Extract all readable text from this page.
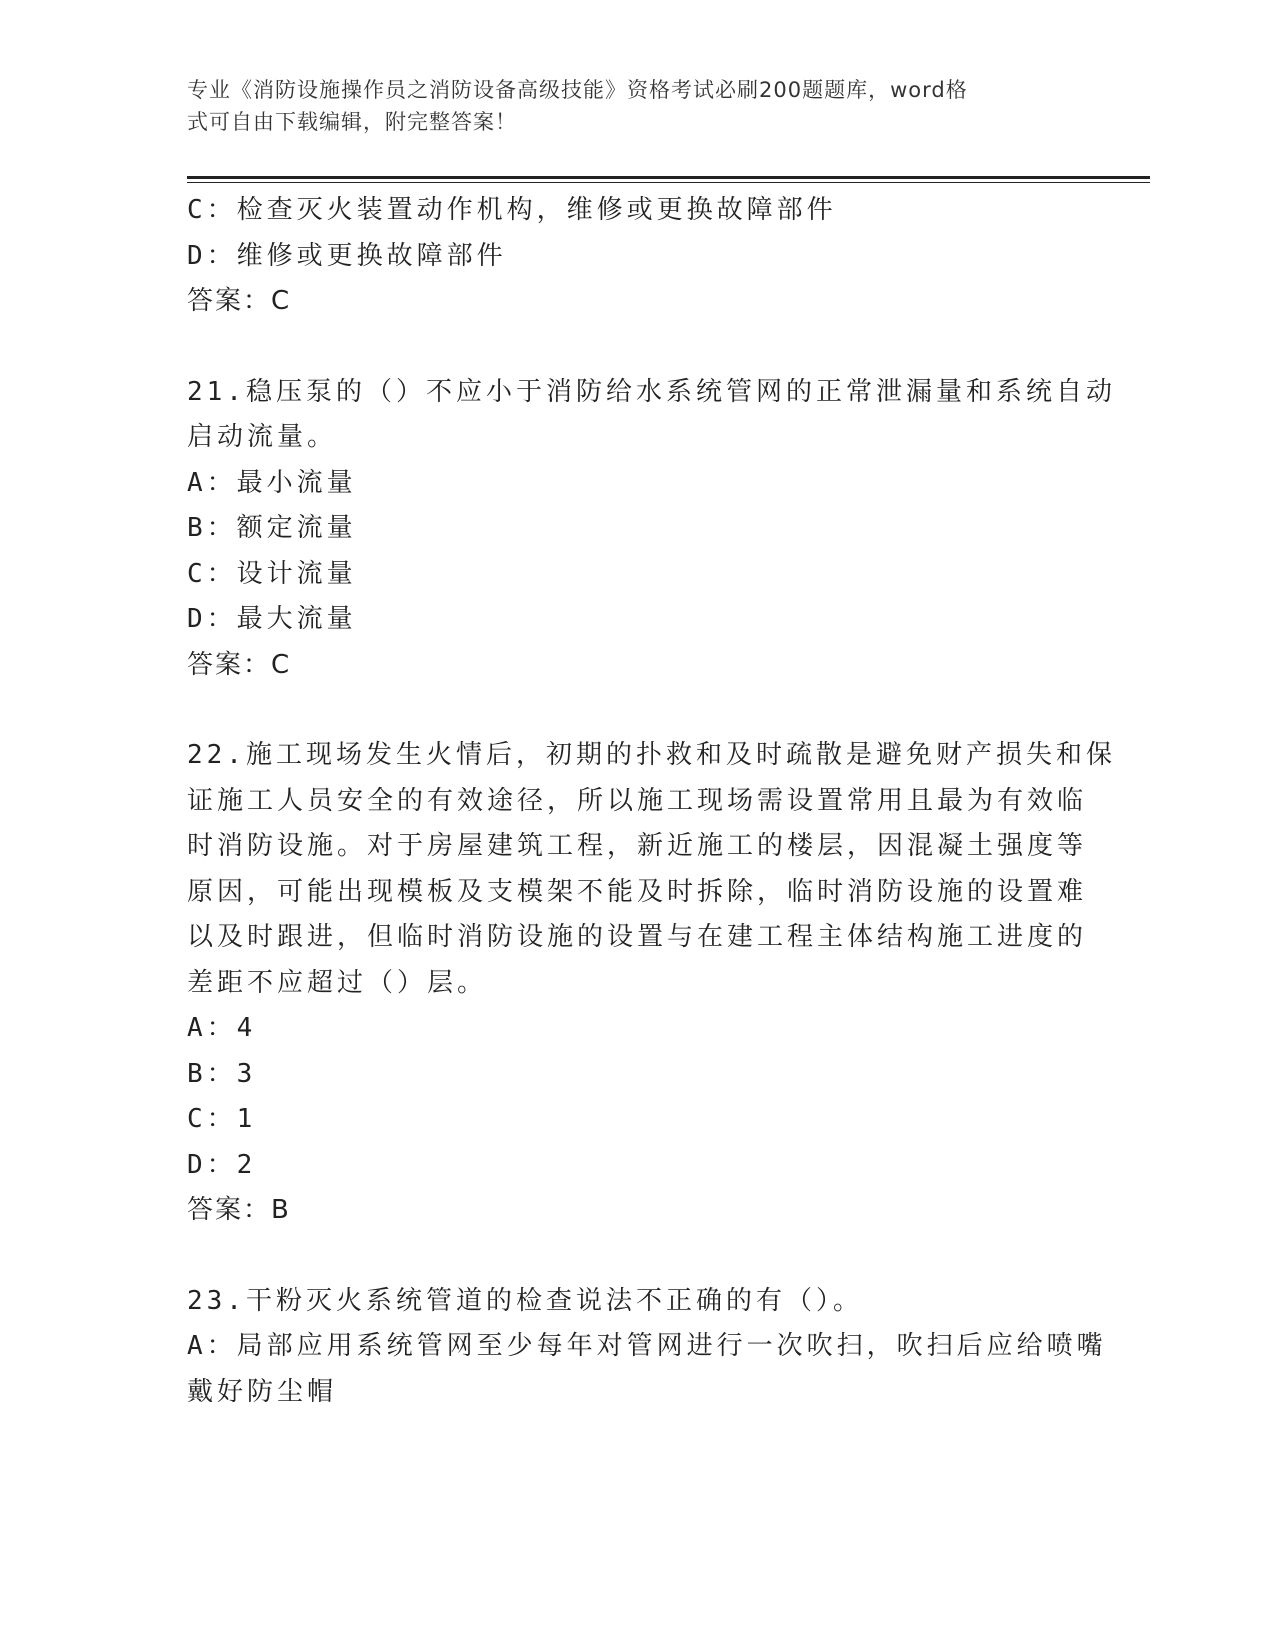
专业《消防设施操作员之消防设备高级技能》资格考试必刷200题题库，word格
式可自由下载编辑，附完整答案！
C：检查灭火装置动作机构，维修或更换故障部件
D：维修或更换故障部件
答案：C
21.稳压泵的（）不应小于消防给水系统管网的正常泄漏量和系统自动
启动流量。
A：最小流量
B：额定流量
C：设计流量
D：最大流量
答案：C
22.施工现场发生火情后，初期的扑救和及时疏散是避免财产损失和保
证施工人员安全的有效途径，所以施工现场需设置常用且最为有效临
时消防设施。对于房屋建筑工程，新近施工的楼层，因混凝土强度等
原因，可能出现模板及支模架不能及时拆除，临时消防设施的设置难
以及时跟进，但临时消防设施的设置与在建工程主体结构施工进度的
差距不应超过（）层。
A：4
B：3
C：1
D：2
答案：B
23.干粉灭火系统管道的检查说法不正确的有（）。
A：局部应用系统管网至少每年对管网进行一次吹扫，吹扫后应给喷嘴
戴好防尘帽
